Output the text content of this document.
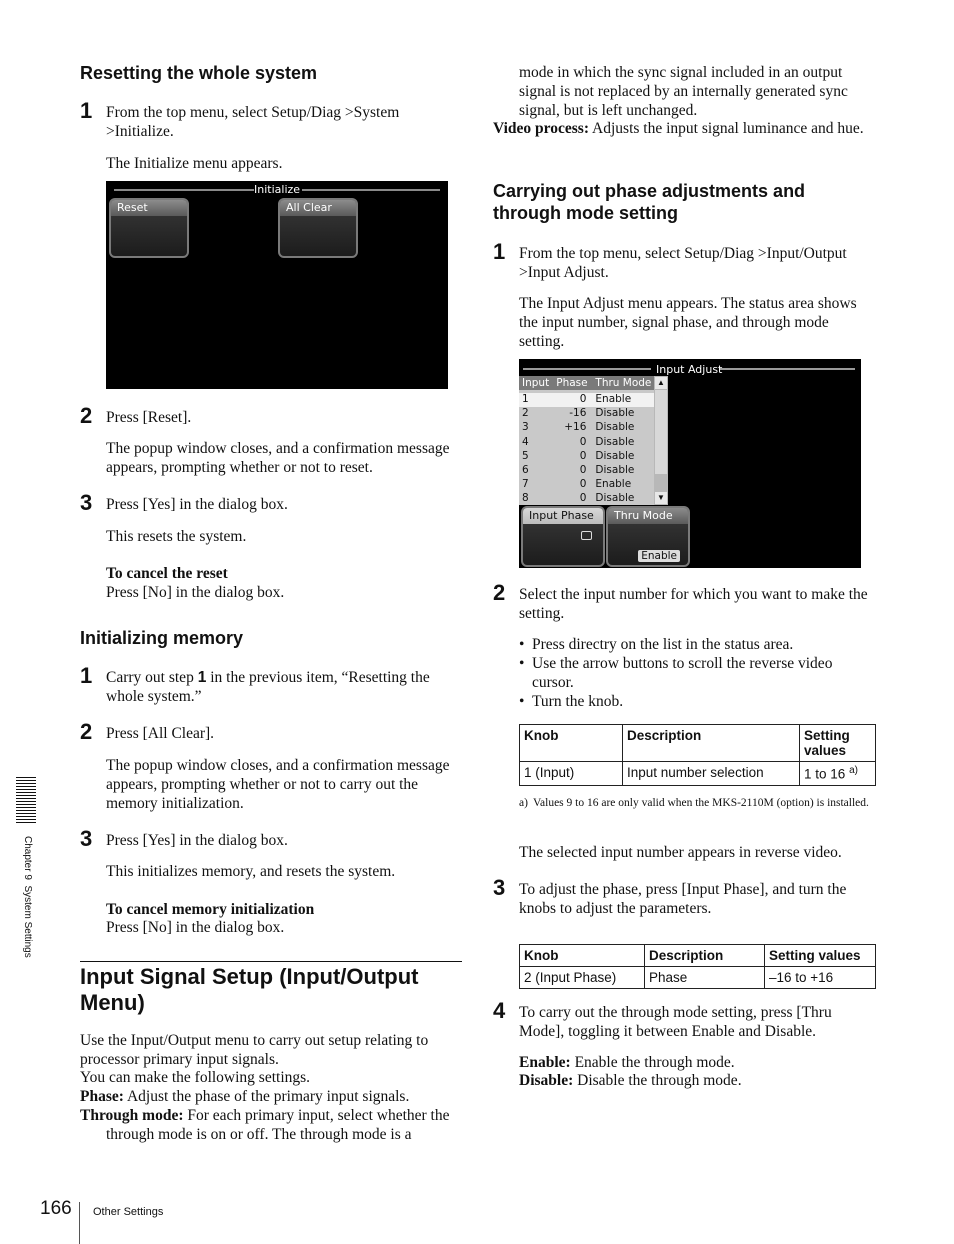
Resetting the whole system
1 From the top menu, select Setup/Diag >System >Initialize.
The Initialize menu appears.
Initialize
Reset	All Clear
2 Press [Reset].
The popup window closes, and a confirmation message appears, prompting whether or not to reset.
3 Press [Yes] in the dialog box.
This resets the system.
To cancel the reset
Press [No] in the dialog box.
Initializing memory
1 Carry out step 1 in the previous item, “Resetting the whole system.”
2 Press [All Clear].
The popup window closes, and a confirmation message appears, prompting whether or not to carry out the memory initialization.
3 Press [Yes] in the dialog box.
This initializes memory, and resets the system.
To cancel memory initialization
Press [No] in the dialog box.
Input Signal Setup (Input/Output Menu)
Use the Input/Output menu to carry out setup relating to processor primary input signals.
You can make the following settings.
Phase: Adjust the phase of the primary input signals.
Through mode: For each primary input, select whether the through mode is on or off. The through mode is a
mode in which the sync signal included in an output signal is not replaced by an internally generated sync signal, but is left unchanged.
Video process: Adjusts the input signal luminance and hue.
Carrying out phase adjustments and through mode setting
1 From the top menu, select Setup/Diag >Input/Output >Input Adjust.
The Input Adjust menu appears. The status area shows the input number, signal phase, and through mode setting.
Input Adjust
Input Phase Thru Mode
1	0 Enable
2	-16 Disable
3	+16 Disable
4	0 Disable
5	0 Disable
6	0 Disable
7	0 Enable
8	0 Disable
▲
▼
Input Phase	Thru Mode
Enable
2 Select the input number for which you want to make the setting.
• Press directry on the list in the status area.
• Use the arrow buttons to scroll the reverse video cursor.
• Turn the knob.
Knob	Description	Setting values
1 (Input)	Input number selection	1 to 16 $^{a)}$
a) Values 9 to 16 are only valid when the MKS-2110M (option) is installed.
The selected input number appears in reverse video.
3 To adjust the phase, press [Input Phase], and turn the knobs to adjust the parameters.
Knob	Description	Setting values
2 (Input Phase)	Phase	–16 to +16
4 To carry out the through mode setting, press [Thru Mode], toggling it between Enable and Disable.
Enable: Enable the through mode.
Disable: Disable the through mode.
Chapter 9  System Settings
166 Other Settings
